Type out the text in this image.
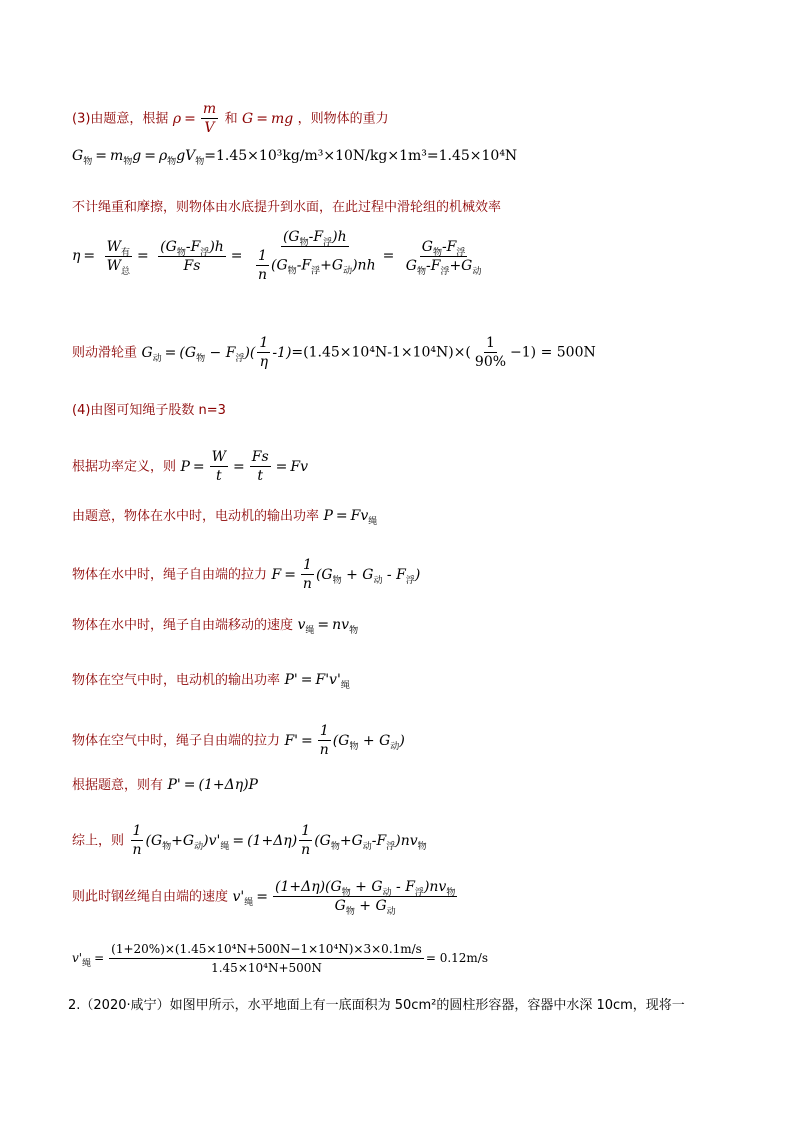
(3)由题意，根据 $\rho = \frac{m}{V}$ 和 G = mg ，则物体的重力
$G_物 = m_物g = \rho_物gV_物=1.45\times 10^3kg/m^3\times 10N/kg\times 1m^3=1.45\times 10^4N$
不计绳重和摩擦，则物体由水底提升到水面，在此过程中滑轮组的机械效率
$\eta = \frac{W_有}{W_总} = \frac{(G_物-F_浮)h}{Fs} = \frac{(G_物-F_浮)h}{\frac{1}{n} (G_物-F_浮+G_动)nh} = \frac{G_物-F_浮}{G_物-F_浮+G_动}$
则动滑轮重 $G_动 = (G_物 - F_浮)( \frac{1}{\eta} -1)=(1.45\times 10^4N-1\times 10^4N)\times( \frac{1}{90\%} -1) = 500N$
(4)由图可知绳子股数 n=3
根据功率定义，则 $P = \frac{W}{t} = \frac{Fs}{t} = Fv$
由题意，物体在水中时，电动机的输出功率 $P = Fv_绳$
物体在水中时，绳子自由端的拉力 $F = \frac{1}{n} (G_物 + G_动 - F_浮)$
物体在水中时，绳子自由端移动的速度 $v_绳 = nv_物$
物体在空气中时，电动机的输出功率 $P' = F'v'_绳$
物体在空气中时，绳子自由端的拉力 $F' = \frac{1}{n} (G_物 + G_动)$
根据题意，则有 P' = (1+Δη)P
综上，则 $\frac{1}{n} (G_物+G_动)v'_绳 = (1+\Delta\eta) \frac{1}{n} (G_物+G_动-F_浮)nv_物$
则此时钢丝绳自由端的速度 $v'_绳 = \frac{(1+\Delta\eta)(G_物 + G_动 - F_浮)nv_物}{G_物 + G_动}$
$v'_绳 = \frac{\text{(1+20\%)×(1.45×10⁴N+500N−1×10⁴N)×3×0.1m/s}}{\text{1.45×10⁴N+500N}} = 0.12m/s$
2.（2020·咸宁）如图甲所示，水平地面上有一底面积为 50cm²的圆柱形容器，容器中水深 10cm，现将一
